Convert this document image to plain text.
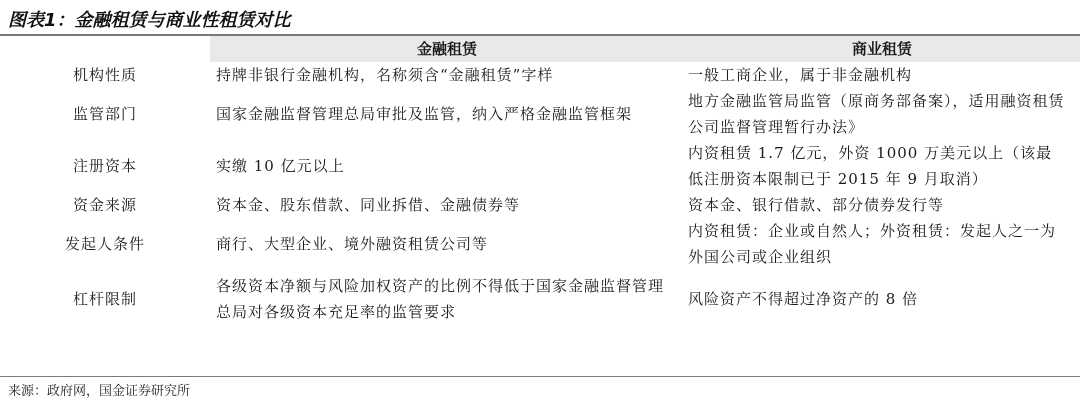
图表1：金融租赁与商业性租赁对比
	金融租赁	商业租赁
机构性质	持牌非银行金融机构，名称须含“金融租赁”字样	一般工商企业，属于非金融机构
监管部门	国家金融监督管理总局审批及监管，纳入严格金融监管框架	地方金融监管局监管（原商务部备案），适用融资租赁公司监督管理暂行办法》
注册资本	实缴 10 亿元以上	内资租赁 1.7 亿元，外资 1000 万美元以上（该最低注册资本限制已于 2015 年 9 月取消）
资金来源	资本金、股东借款、同业拆借、金融债券等	资本金、银行借款、部分债券发行等
发起人条件	商行、大型企业、境外融资租赁公司等	内资租赁：企业或自然人；外资租赁：发起人之一为外国公司或企业组织
杠杆限制	各级资本净额与风险加权资产的比例不得低于国家金融监督管理总局对各级资本充足率的监管要求	风险资产不得超过净资产的 8 倍
来源：政府网，国金证券研究所
